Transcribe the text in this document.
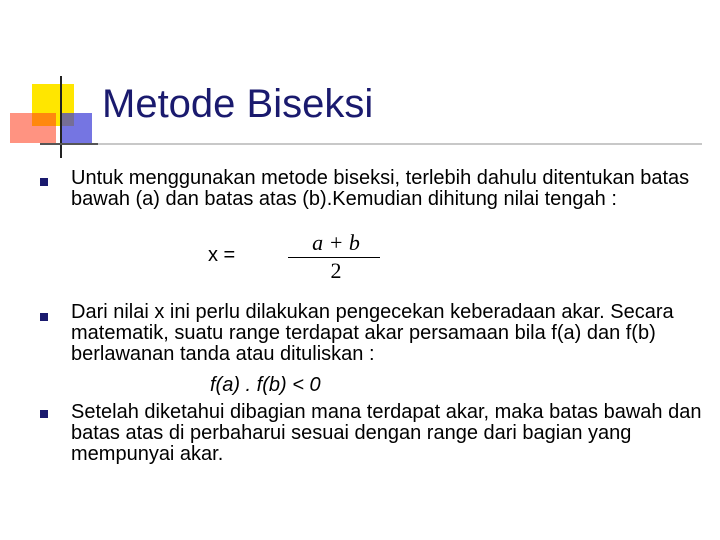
Metode Biseksi

Untuk menggunakan metode biseksi, terlebih dahulu ditentukan batas bawah (a) dan batas atas (b).Kemudian dihitung nilai tengah :

x =	a + b
2

Dari nilai x ini perlu dilakukan pengecekan keberadaan akar. Secara matematik, suatu range terdapat akar persamaan bila f(a) dan f(b) berlawanan tanda atau dituliskan :

f(a) . f(b) < 0

Setelah diketahui dibagian mana terdapat akar, maka batas bawah dan batas atas di perbaharui sesuai dengan range dari bagian yang mempunyai akar.
